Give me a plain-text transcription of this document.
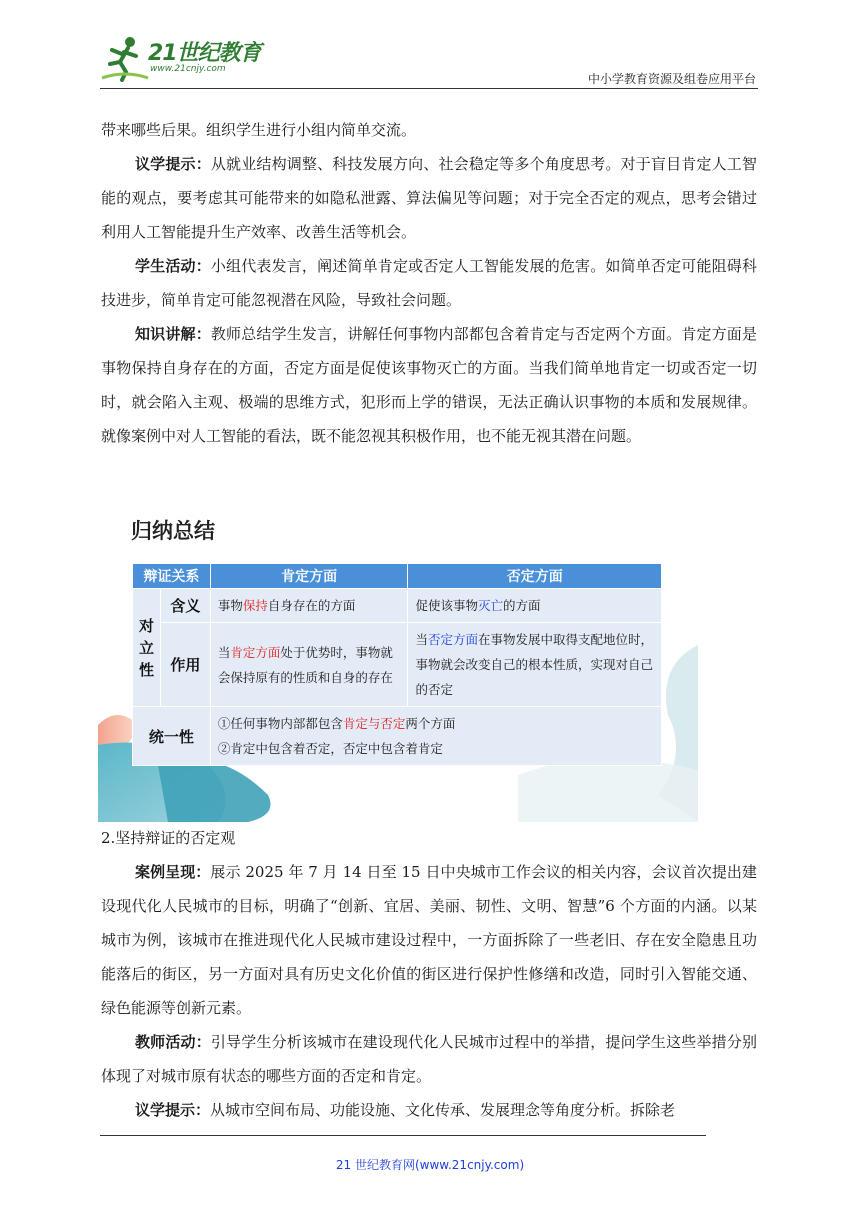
21世纪教育
www.21cnjy.com
中小学教育资源及组卷应用平台

带来哪些后果。组织学生进行小组内简单交流。

议学提示：从就业结构调整、科技发展方向、社会稳定等多个角度思考。对于盲目肯定人工智能的观点，要考虑其可能带来的如隐私泄露、算法偏见等问题；对于完全否定的观点，思考会错过利用人工智能提升生产效率、改善生活等机会。

学生活动：小组代表发言，阐述简单肯定或否定人工智能发展的危害。如简单否定可能阻碍科技进步，简单肯定可能忽视潜在风险，导致社会问题。

知识讲解：教师总结学生发言，讲解任何事物内部都包含着肯定与否定两个方面。肯定方面是事物保持自身存在的方面，否定方面是促使该事物灭亡的方面。当我们简单地肯定一切或否定一切时，就会陷入主观、极端的思维方式，犯形而上学的错误，无法正确认识事物的本质和发展规律。就像案例中对人工智能的看法，既不能忽视其积极作用，也不能无视其潜在问题。

归纳总结
辩证关系		肯定方面	否定方面
对立性	含义	事物保持自身存在的方面	促使该事物灭亡的方面
	作用	当肯定方面处于优势时，事物就会保持原有的性质和自身的存在	当否定方面在事物发展中取得支配地位时，事物就会改变自己的根本性质，实现对自己的否定
统一性		①任何事物内部都包含肯定与否定两个方面
②肯定中包含着否定，否定中包含着肯定	

2.坚持辩证的否定观

案例呈现：展示 2025 年 7 月 14 日至 15 日中央城市工作会议的相关内容，会议首次提出建设现代化人民城市的目标，明确了“创新、宜居、美丽、韧性、文明、智慧”6 个方面的内涵。以某城市为例，该城市在推进现代化人民城市建设过程中，一方面拆除了一些老旧、存在安全隐患且功能落后的街区，另一方面对具有历史文化价值的街区进行保护性修缮和改造，同时引入智能交通、绿色能源等创新元素。

教师活动：引导学生分析该城市在建设现代化人民城市过程中的举措，提问学生这些举措分别体现了对城市原有状态的哪些方面的否定和肯定。

议学提示：从城市空间布局、功能设施、文化传承、发展理念等角度分析。拆除老

21 世纪教育网(www.21cnjy.com)
